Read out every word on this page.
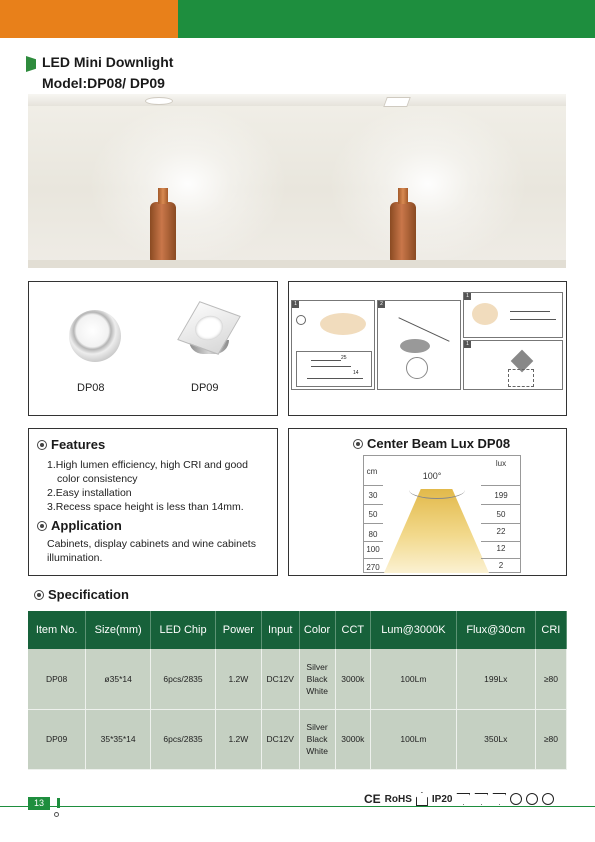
LED Mini Downlight
Model:DP08/ DP09
DP08	DP09
1
25
14
2
1
1
Features
1.High lumen efficiency, high CRI and good
color consistency
2.Easy installation
3.Recess space height is less than 14mm.
Application
Cabinets, display cabinets and wine cabinets illumination.
Center Beam Lux DP08
cm
lux
100°
30
50
80
100
270
199
50
22
12
2
Specification
Item No.	Size(mm)	LED Chip	Power	Input	Color	CCT	Lum@3000K	Flux@30cm	CRI
DP08	ø35*14	6pcs/2835	1.2W	DC12V	Silver Black White	3000k	100Lm	199Lx	≥80
DP09	35*35*14	6pcs/2835	1.2W	DC12V	Silver Black White	3000k	100Lm	350Lx	≥80
13	CE RoHS IP20
